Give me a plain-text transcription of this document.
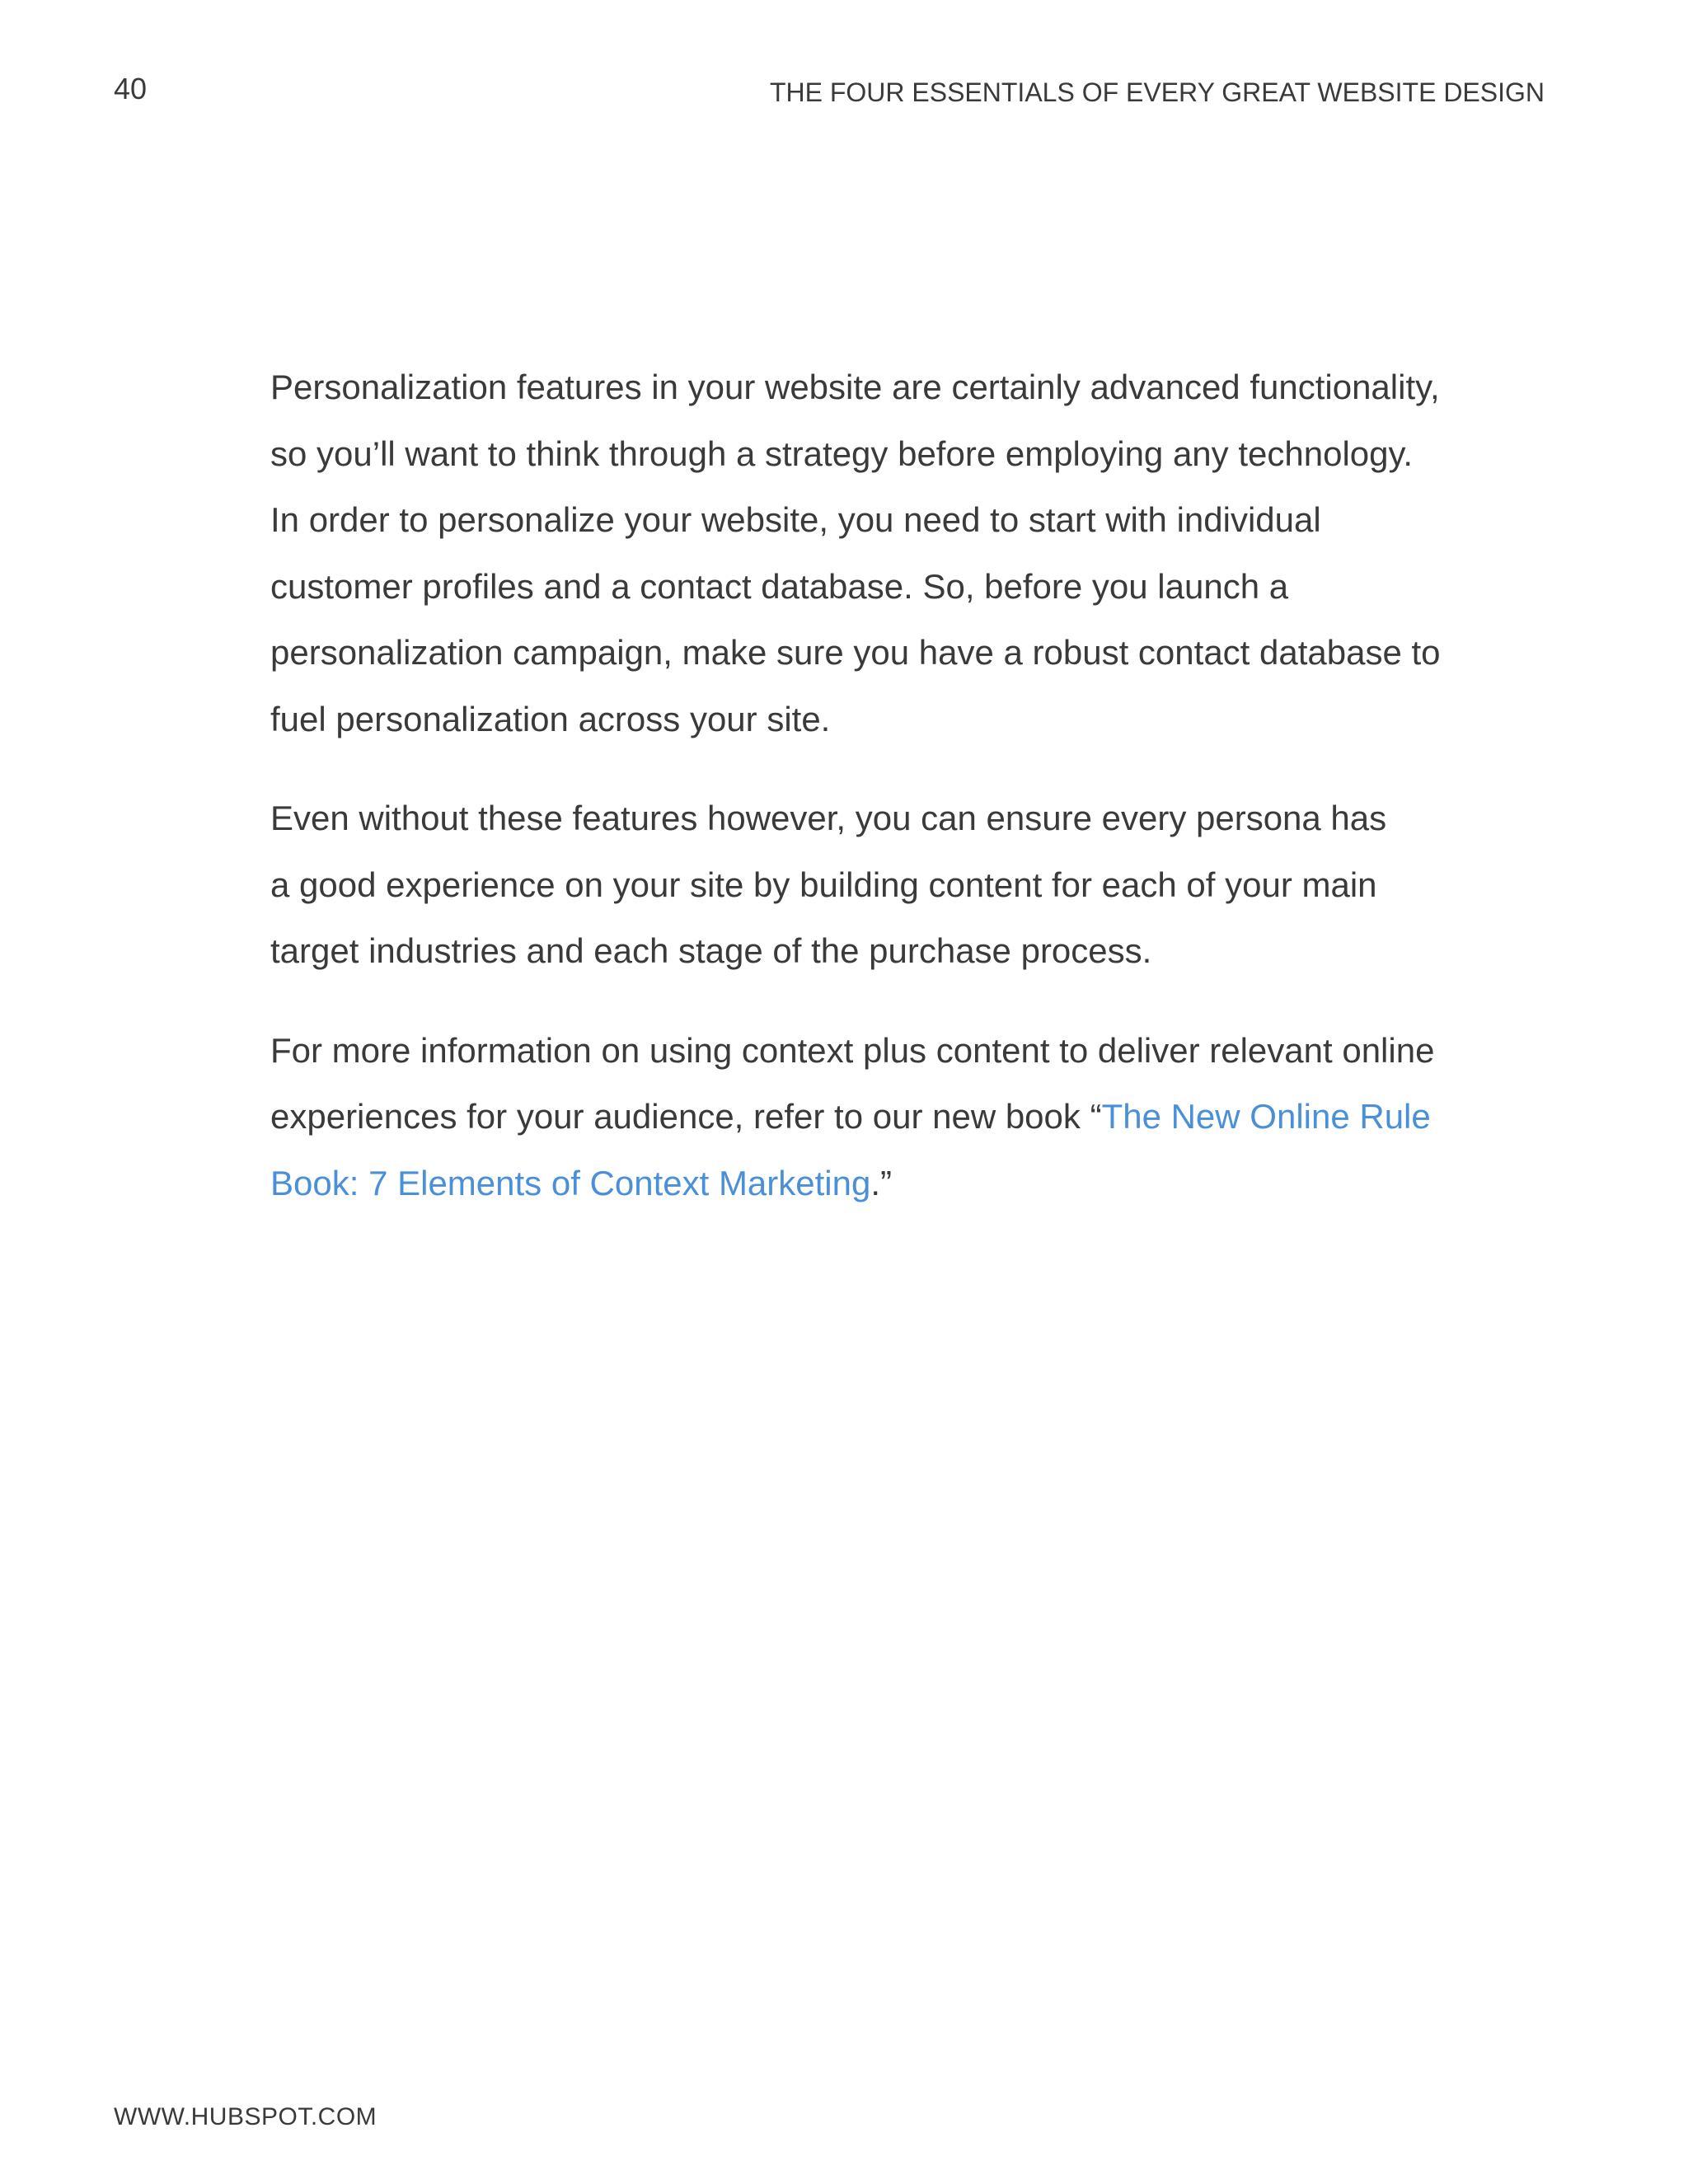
40	THE FOUR ESSENTIALS OF EVERY GREAT WEBSITE DESIGN

Personalization features in your website are certainly advanced functionality,
so you’ll want to think through a strategy before employing any technology.
In order to personalize your website, you need to start with individual
customer profiles and a contact database. So, before you launch a
personalization campaign, make sure you have a robust contact database to
fuel personalization across your site.

Even without these features however, you can ensure every persona has
a good experience on your site by building content for each of your main
target industries and each stage of the purchase process.

For more information on using context plus content to deliver relevant online
experiences for your audience, refer to our new book “The New Online Rule
Book: 7 Elements of Context Marketing.”

WWW.HUBSPOT.COM
